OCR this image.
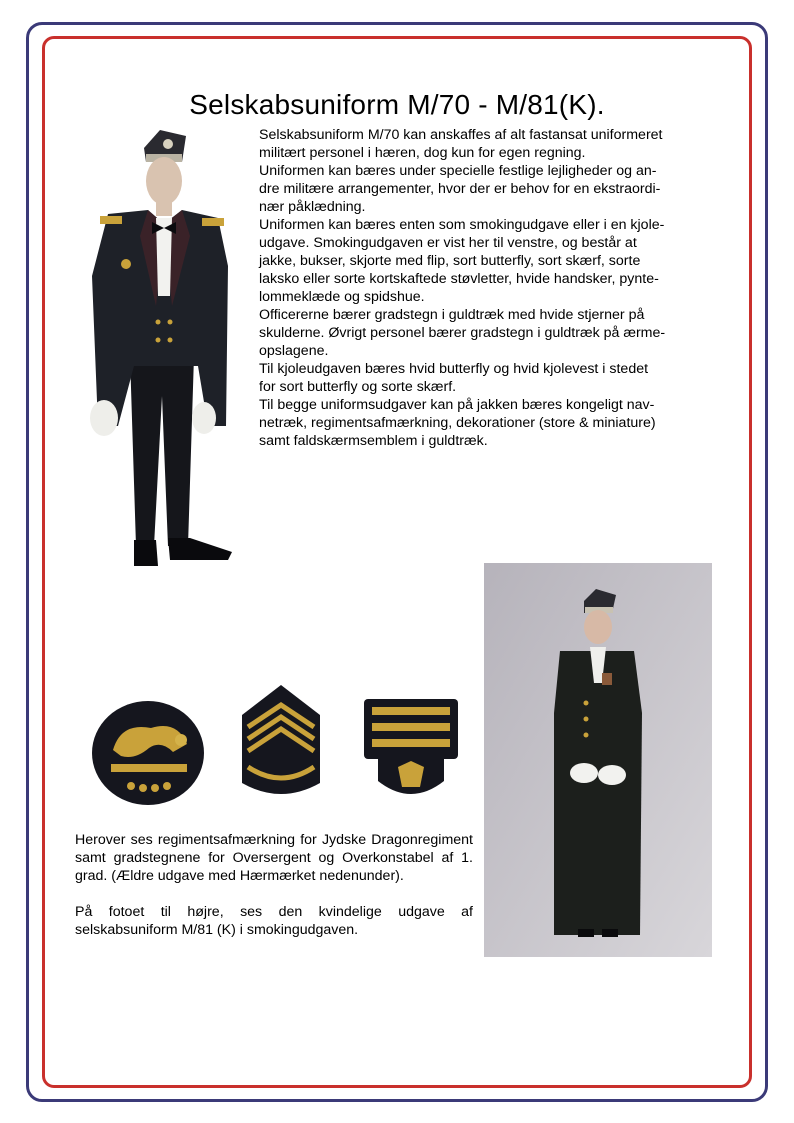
Selskabsuniform M/70 - M/81(K).

Selskabsuniform M/70 kan anskaffes af alt fastansat uniformeret

militært personel i hæren, dog kun for egen regning.

Uniformen kan bæres under specielle festlige lejligheder og an-

dre militære arrangementer, hvor der er behov for en ekstraordi-

nær påklædning.

Uniformen kan bæres enten som smokingudgave eller i en kjole-

udgave. Smokingudgaven er vist her til venstre, og består at

jakke, bukser, skjorte med flip, sort butterfly, sort skærf, sorte

laksko eller sorte kortskaftede støvletter, hvide handsker, pynte-

lommeklæde og spidshue.

Officererne bærer gradstegn i guldtræk med hvide stjerner på

skulderne. Øvrigt personel bærer gradstegn i guldtræk på ærme-

opslagene.

Til kjoleudgaven bæres hvid butterfly og hvid kjolevest i stedet

for sort butterfly og sorte skærf.

Til begge uniformsudgaver kan på jakken bæres kongeligt nav-

netræk, regimentsafmærkning, dekorationer (store & miniature)

samt faldskærmsemblem i guldtræk.

Herover ses regimentsafmærkning for Jydske Dragonregiment samt gradstegnene for Oversergent og Overkonstabel af 1. grad. (Ældre udgave med Hærmærket nedenunder).

På fotoet til højre, ses den kvindelige udgave af selskabsuniform M/81 (K) i smokingudgaven.
